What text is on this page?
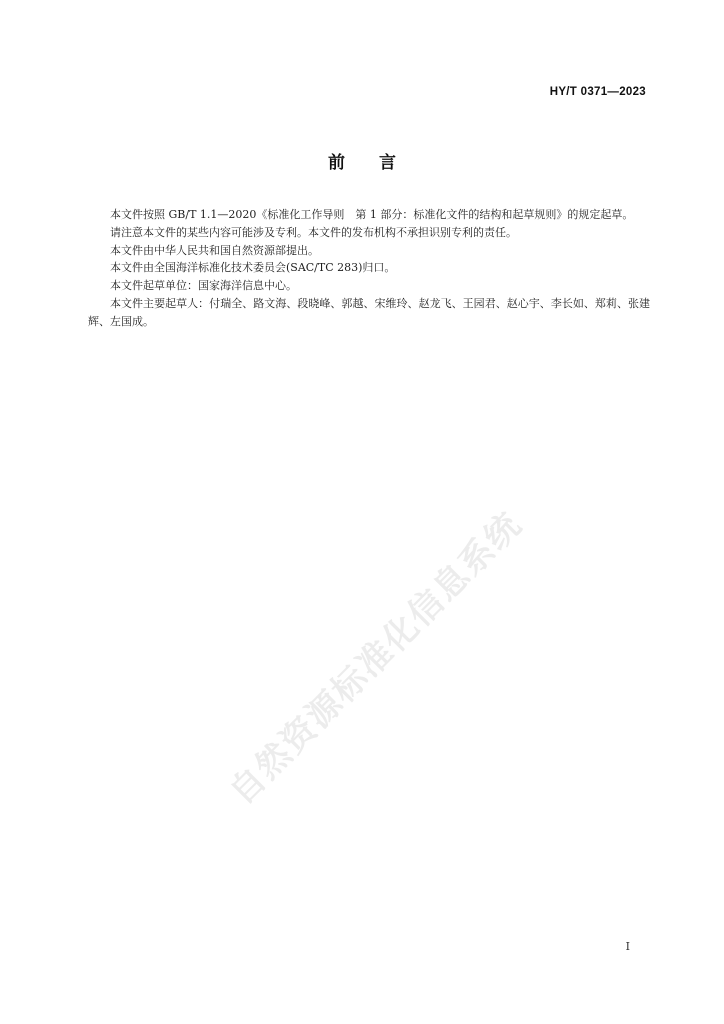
HY/T 0371—2023
前 言

本文件按照 GB/T 1.1—2020《标准化工作导则　第 1 部分：标准化文件的结构和起草规则》的规定起草。

请注意本文件的某些内容可能涉及专利。本文件的发布机构不承担识别专利的责任。

本文件由中华人民共和国自然资源部提出。

本文件由全国海洋标准化技术委员会(SAC/TC 283)归口。

本文件起草单位：国家海洋信息中心。

本文件主要起草人：付瑞全、路文海、段晓峰、郭越、宋维玲、赵龙飞、王园君、赵心宇、李长如、郑莉、张建辉、左国成。

自然资源标准化信息系统
I
